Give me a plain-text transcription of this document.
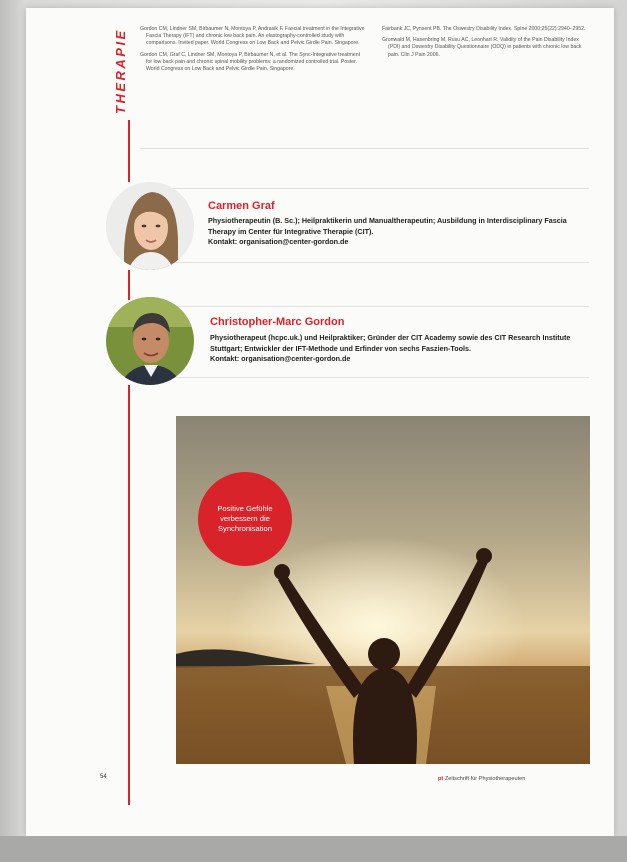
THERAPIE Gordon CM, Lindner SM, Birbaumer N, Montoya P, Andrasik F. Fascial treatment in the Integrative Fascia Therapy (IFT) and chronic low back pain. An elastography-controlled study with comparisons. Invited paper. World Congress on Low Back and Pelvic Girdle Pain. Singapore.

Gordon CM, Graf C, Lindner SM, Montoya P, Birbaumer N, et al. The Sync-Integrative treatment for low back pain and chronic spinal mobility problems: a randomized controlled trial. Poster. World Congress on Low Back and Pelvic Girdle Pain. Singapore.

Fairbank JC, Pynsent PB. The Oswestry Disability Index. Spine 2000;25(22):2940–2952.

Gronwald M, Hasenbring M, Rusu AC, Leonhart R. Validity of the Pain Disability Index (PDI) and Oswestry Disability Questionnaire (ODQ) in patients with chronic low back pain. Clin J Pain 2006.

Carmen Graf
Physiotherapeutin (B. Sc.); Heilpraktikerin und Manualtherapeutin; Ausbildung in Interdisciplinary Fascia Therapy im Center für Integrative Therapie (CIT).
Kontakt: organisation@center-gordon.de
Christopher-Marc Gordon
Physiotherapeut (hcpc.uk.) und Heilpraktiker; Gründer der CIT Academy sowie des CIT Research Institute Stuttgart; Entwickler der IFT-Methode und Erfinder von sechs Faszien-Tools.
Kontakt: organisation@center-gordon.de
Positive Gefühle verbessern die Synchronisation
54	pt Zeitschrift für Physiotherapeuten
